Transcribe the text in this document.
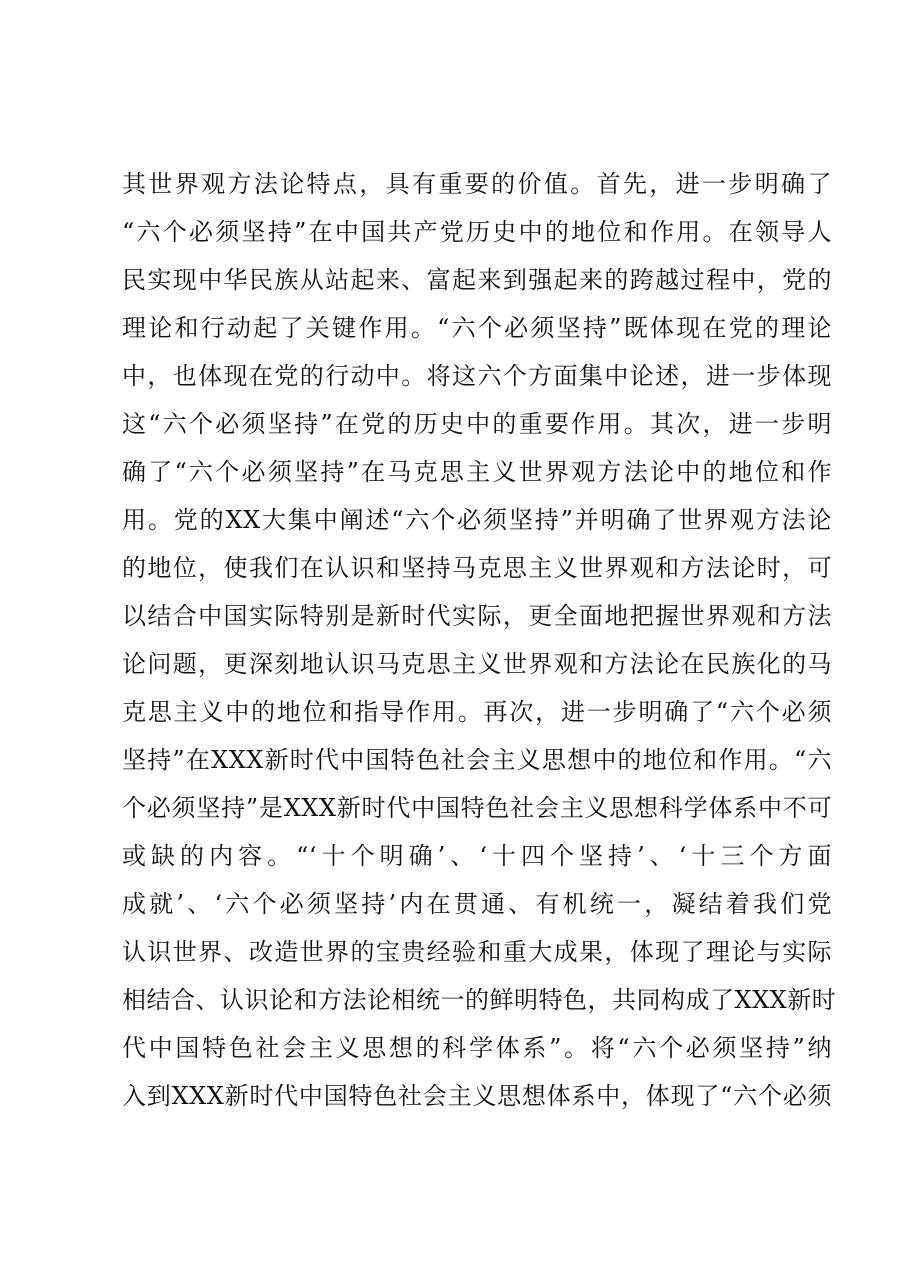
其世界观方法论特点，具有重要的价值。首先，进一步明确了
“六个必须坚持”在中国共产党历史中的地位和作用。在领导人
民实现中华民族从站起来、富起来到强起来的跨越过程中，党的
理论和行动起了关键作用。“六个必须坚持”既体现在党的理论
中，也体现在党的行动中。将这六个方面集中论述，进一步体现
这“六个必须坚持”在党的历史中的重要作用。其次，进一步明
确了“六个必须坚持”在马克思主义世界观方法论中的地位和作
用。党的XX大集中阐述“六个必须坚持”并明确了世界观方法论
的地位，使我们在认识和坚持马克思主义世界观和方法论时，可
以结合中国实际特别是新时代实际，更全面地把握世界观和方法
论问题，更深刻地认识马克思主义世界观和方法论在民族化的马
克思主义中的地位和指导作用。再次，进一步明确了“六个必须
坚持”在XXX新时代中国特色社会主义思想中的地位和作用。“六
个必须坚持”是XXX新时代中国特色社会主义思想科学体系中不可
或缺的内容。“‘十个明确’、‘十四个坚持’、‘十三个方面
成就’、‘六个必须坚持’内在贯通、有机统一，凝结着我们党
认识世界、改造世界的宝贵经验和重大成果，体现了理论与实际
相结合、认识论和方法论相统一的鲜明特色，共同构成了XXX新时
代中国特色社会主义思想的科学体系”。将“六个必须坚持”纳
入到XXX新时代中国特色社会主义思想体系中，体现了“六个必须
